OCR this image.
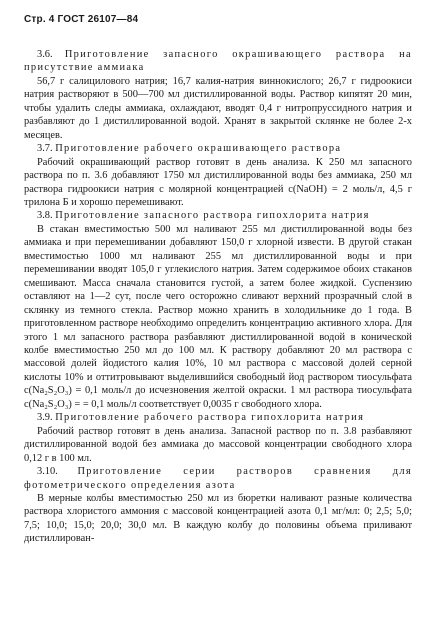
Стр. 4 ГОСТ 26107—84

3.6. Приготовление запасного окрашивающего раствора на присутствие аммиака

56,7 г салицилового натрия; 16,7 калия-натрия виннокислого; 26,7 г гидроокиси натрия растворяют в 500—700 мл дистиллированной воды. Раствор кипятят 20 мин, чтобы удалить следы аммиака, охлаждают, вводят 0,4 г нитропруссидного натрия и разбавляют до 1 дистиллированной водой. Хранят в закрытой склянке не более 2-х месяцев.

3.7. Приготовление рабочего окрашивающего раствора

Рабочий окрашивающий раствор готовят в день анализа. К 250 мл запасного раствора по п. 3.6 добавляют 1750 мл дистиллированной воды без аммиака, 250 мл раствора гидроокиси натрия с молярной концентрацией с(NaOH) = 2 моль/л, 4,5 г трилона Б и хорошо перемешивают.

3.8. Приготовление запасного раствора гипохлорита натрия

В стакан вместимостью 500 мл наливают 255 мл дистиллированной воды без аммиака и при перемешивании добавляют 150,0 г хлорной извести. В другой стакан вместимостью 1000 мл наливают 255 мл дистиллированной воды и при перемешивании вводят 105,0 г углекислого натрия. Затем содержимое обоих стаканов смешивают. Масса сначала становится густой, а затем более жидкой. Суспензию оставляют на 1—2 сут, после чего осторожно сливают верхний прозрачный слой в склянку из темного стекла. Раствор можно хранить в холодильнике до 1 года. В приготовленном растворе необходимо определить концентрацию активного хлора. Для этого 1 мл запасного раствора разбавляют дистиллированной водой в конической колбе вместимостью 250 мл до 100 мл. К раствору добавляют 20 мл раствора с массовой долей йодистого калия 10%, 10 мл раствора с массовой долей серной кислоты 10% и оттитровывают выделившийся свободный йод раствором тиосульфата с(Na₂S₂O₃) = 0,1 моль/л до исчезновения желтой окраски. 1 мл раствора тиосульфата с(Na₂S₂O₃) = = 0,1 моль/л соответствует 0,0035 г свободного хлора.

3.9. Приготовление рабочего раствора гипохлорита натрия

Рабочий раствор готовят в день анализа. Запасной раствор по п. 3.8 разбавляют дистиллированной водой без аммиака до массовой концентрации свободного хлора 0,12 г в 100 мл.

3.10. Приготовление серии растворов сравнения для фотометрического определения азота

В мерные колбы вместимостью 250 мл из бюретки наливают разные количества раствора хлористого аммония с массовой концентрацией азота 0,1 мг/мл: 0; 2,5; 5,0; 7,5; 10,0; 15,0; 20,0; 30,0 мл. В каждую колбу до половины объема приливают дистиллирован-
